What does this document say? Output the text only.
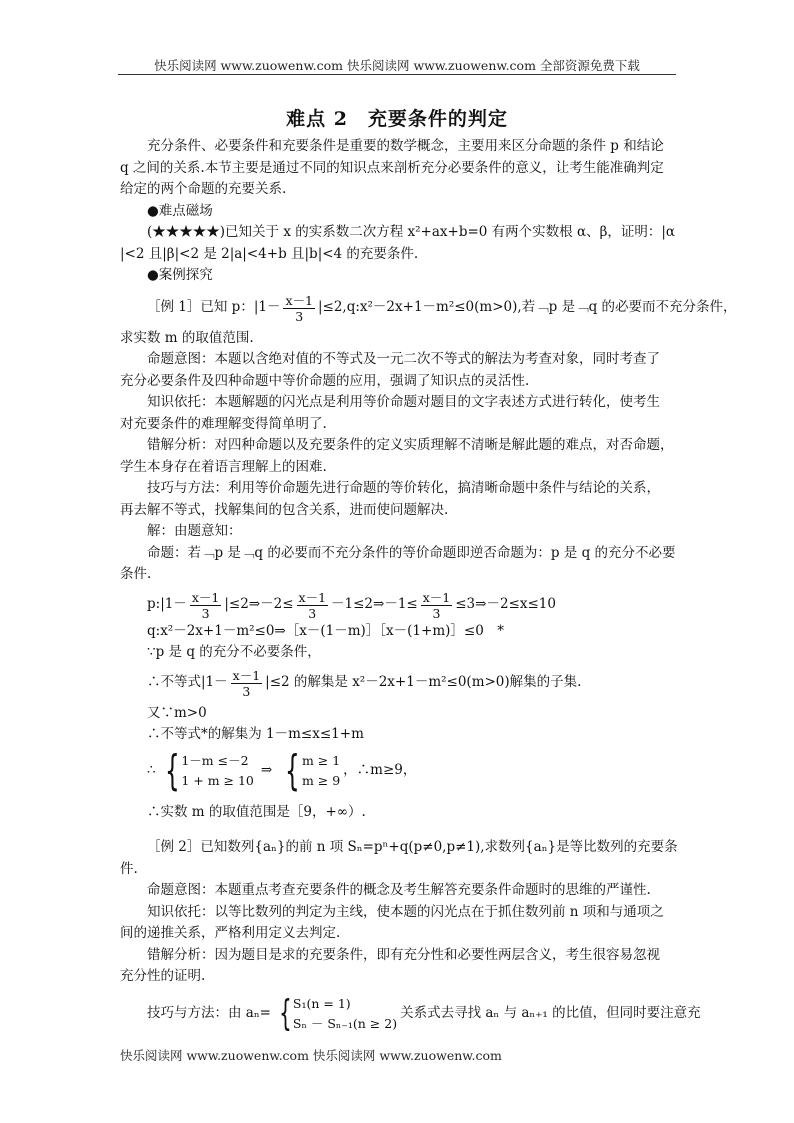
快乐阅读网 www.zuowenw.com 快乐阅读网 www.zuowenw.com 全部资源免费下载
难点 2　充要条件的判定

充分条件、必要条件和充要条件是重要的数学概念，主要用来区分命题的条件 p 和结论

q 之间的关系.本节主要是通过不同的知识点来剖析充分必要条件的意义，让考生能准确判定

给定的两个命题的充要关系.

●难点磁场

(★★★★★)已知关于 x 的实系数二次方程 x²+ax+b=0 有两个实数根 α、β，证明：|α

|<2 且|β|<2 是 2|a|<4+b 且|b|<4 的充要条件.

●案例探究

［例 1］已知 p：$|1- \frac{x-1}{3}$ |≤2,q:x²－2x+1－m²≤0(m>0),若﹁p 是﹁q 的必要而不充分条件，

求实数 m 的取值范围.

命题意图：本题以含绝对值的不等式及一元二次不等式的解法为考查对象，同时考查了

充分必要条件及四种命题中等价命题的应用，强调了知识点的灵活性.

知识依托：本题解题的闪光点是利用等价命题对题目的文字表述方式进行转化，使考生

对充要条件的难理解变得简单明了.

错解分析：对四种命题以及充要条件的定义实质理解不清晰是解此题的难点，对否命题，

学生本身存在着语言理解上的困难.

技巧与方法：利用等价命题先进行命题的等价转化，搞清晰命题中条件与结论的关系，

再去解不等式，找解集间的包含关系，进而使问题解决.

解：由题意知：

命题：若﹁p 是﹁q 的必要而不充分条件的等价命题即逆否命题为：p 是 q 的充分不必要

条件.

p:|1－ $\frac{x-1}{3}$ |≤2⇒－2≤ $\frac{x-1}{3}$ －1≤2⇒－1≤ $\frac{x-1}{3}$ ≤3⇒－2≤x≤10

q:x²－2x+1－m²≤0⇒［x－(1－m)］［x－(1+m)］≤0　*

∵p 是 q 的充分不必要条件，

∴不等式$|1- \frac{x-1}{3} |\le 2$ 的解集是 x²－2x+1－m²≤0(m>0)解集的子集.

又∵m>0

∴不等式*的解集为 1－m≤x≤1+m

∴ { 1－m ≤－2
1 + m ≥ 10
⇒ { m ≥ 1
m ≥ 9
，∴m≥9，

∴实数 m 的取值范围是［9，+∞）.

［例 2］已知数列{aₙ}的前 n 项 Sₙ=pⁿ+q(p≠0,p≠1),求数列{aₙ}是等比数列的充要条件.

命题意图：本题重点考查充要条件的概念及考生解答充要条件命题时的思维的严谨性.

知识依托：以等比数列的判定为主线，使本题的闪光点在于抓住数列前 n 项和与通项之

间的递推关系，严格利用定义去判定.

错解分析：因为题目是求的充要条件，即有充分性和必要性两层含义，考生很容易忽视

充分性的证明.

技巧与方法：由 aₙ= { S₁(n = 1)
Sₙ － Sₙ₋₁(n ≥ 2)
关系式去寻找 aₙ 与 aₙ₊₁ 的比值，但同时要注意充
快乐阅读网 www.zuowenw.com 快乐阅读网 www.zuowenw.com
